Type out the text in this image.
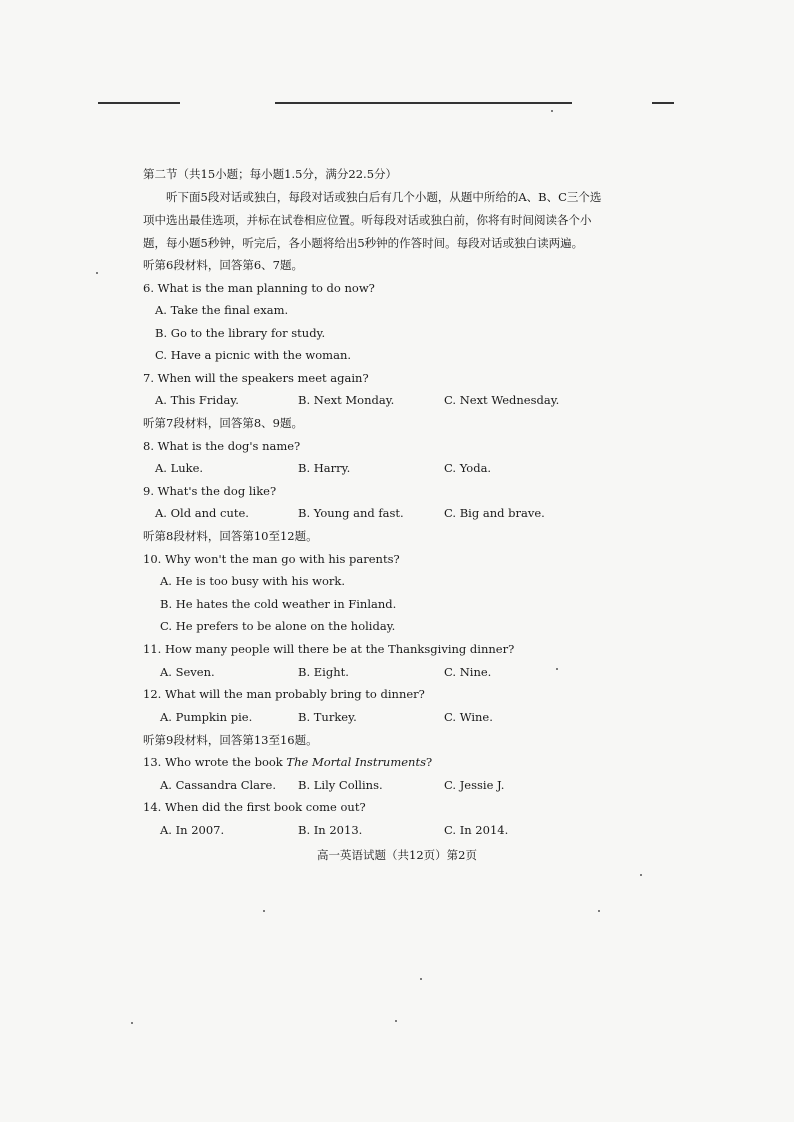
第二节（共15小题；每小题1.5分，满分22.5分）
听下面5段对话或独白，每段对话或独白后有几个小题，从题中所给的A、B、C三个选
项中选出最佳选项，并标在试卷相应位置。听每段对话或独白前，你将有时间阅读各个小
题，每小题5秒钟，听完后，各小题将给出5秒钟的作答时间。每段对话或独白读两遍。
听第6段材料，回答第6、7题。
6. What is the man planning to do now?
A. Take the final exam.
B. Go to the library for study.
C. Have a picnic with the woman.
7. When will the speakers meet again?
A. This Friday.	B. Next Monday.	C. Next Wednesday.
听第7段材料，回答第8、9题。
8. What is the dog's name?
A. Luke.	B. Harry.	C. Yoda.
9. What's the dog like?
A. Old and cute.	B. Young and fast.	C. Big and brave.
听第8段材料，回答第10至12题。
10. Why won't the man go with his parents?
A. He is too busy with his work.
B. He hates the cold weather in Finland.
C. He prefers to be alone on the holiday.
11. How many people will there be at the Thanksgiving dinner?
A. Seven.	B. Eight.	C. Nine.
12. What will the man probably bring to dinner?
A. Pumpkin pie.	B. Turkey.	C. Wine.
听第9段材料，回答第13至16题。
13. Who wrote the book The Mortal Instruments?
A. Cassandra Clare. B. Lily Collins.	C. Jessie J.
14. When did the first book come out?
A. In 2007.	B. In 2013.	C. In 2014.
高一英语试题（共12页）第2页
